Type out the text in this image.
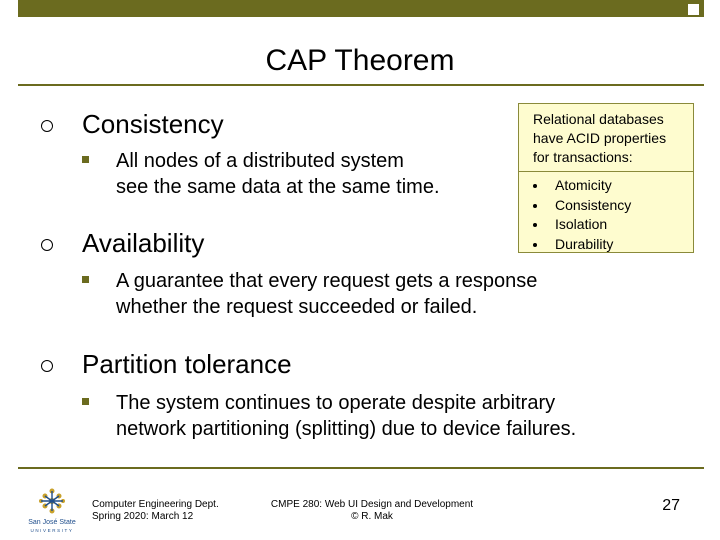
CAP Theorem
Consistency
All nodes of a distributed system
see the same data at the same time.
Availability
A guarantee that every request gets a response
whether the request succeeded or failed.
Partition tolerance
The system continues to operate despite arbitrary
network partitioning (splitting) due to device failures.
Relational databases
have ACID properties
for transactions:
Atomicity
Consistency
Isolation
Durability
San José State
UNIVERSITY
Computer Engineering Dept.
Spring 2020: March 12
CMPE 280: Web UI Design and Development
© R. Mak
27
